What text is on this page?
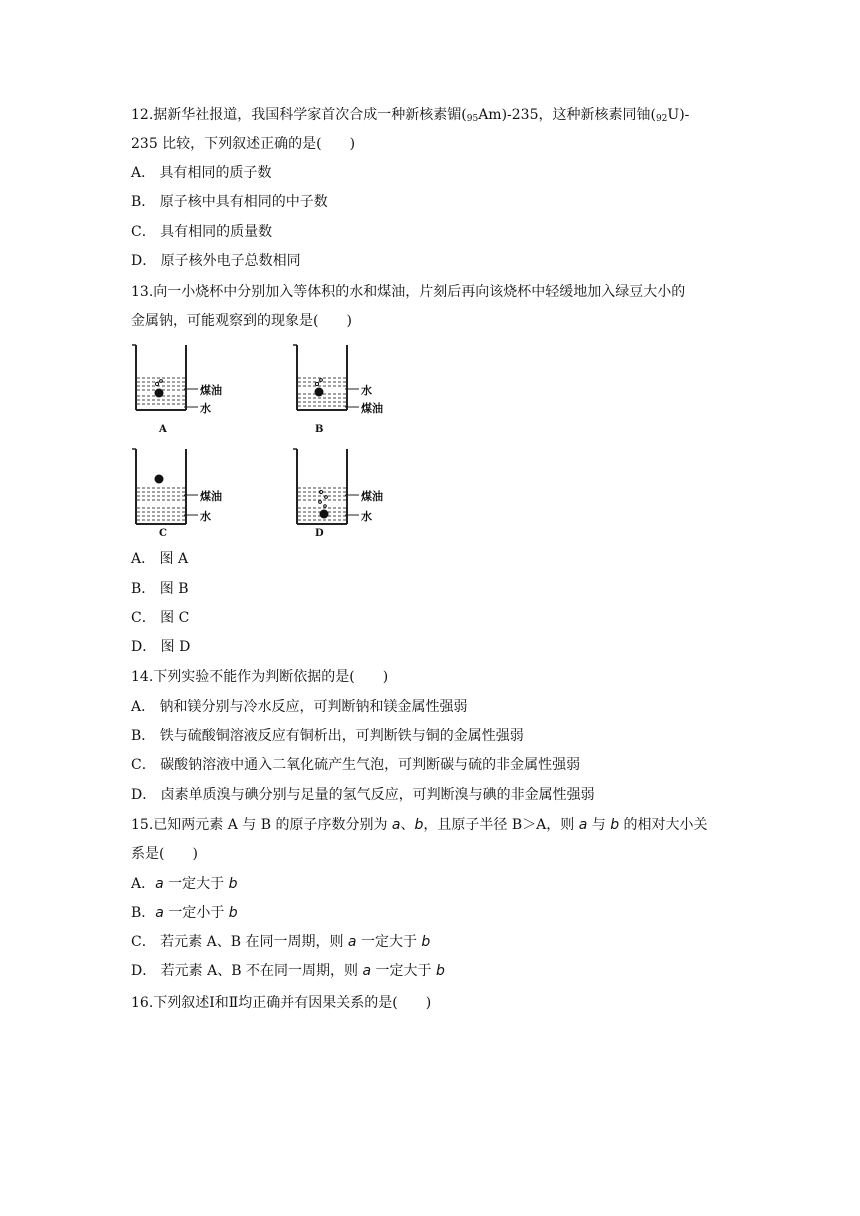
12.据新华社报道，我国科学家首次合成一种新核素镅$(_{95}Am)-235$，这种新核素同铀$(_{92}U)-$
235 比较，下列叙述正确的是(　　)
A． 具有相同的质子数
B． 原子核中具有相同的中子数
C． 具有相同的质量数
D． 原子核外电子总数相同
13.向一小烧杯中分别加入等体积的水和煤油，片刻后再向该烧杯中轻缓地加入绿豆大小的
金属钠，可能观察到的现象是(　　)
煤油
水
A
水
煤油
B
煤油
水
C
煤油
水
D
A． 图 A
B． 图 B
C． 图 C
D． 图 D
14.下列实验不能作为判断依据的是(　　)
A． 钠和镁分别与冷水反应，可判断钠和镁金属性强弱
B． 铁与硫酸铜溶液反应有铜析出，可判断铁与铜的金属性强弱
C． 碳酸钠溶液中通入二氧化硫产生气泡，可判断碳与硫的非金属性强弱
D． 卤素单质溴与碘分别与足量的氢气反应，可判断溴与碘的非金属性强弱
15.已知两元素 A 与 B 的原子序数分别为 a、b，且原子半径 B＞A，则 a 与 b 的相对大小关
系是(　　)
A．a 一定大于 b
B．a 一定小于 b
C． 若元素 A、B 在同一周期，则 a 一定大于 b
D． 若元素 A、B 不在同一周期，则 a 一定大于 b
16.下列叙述Ⅰ和Ⅱ均正确并有因果关系的是(　　)
